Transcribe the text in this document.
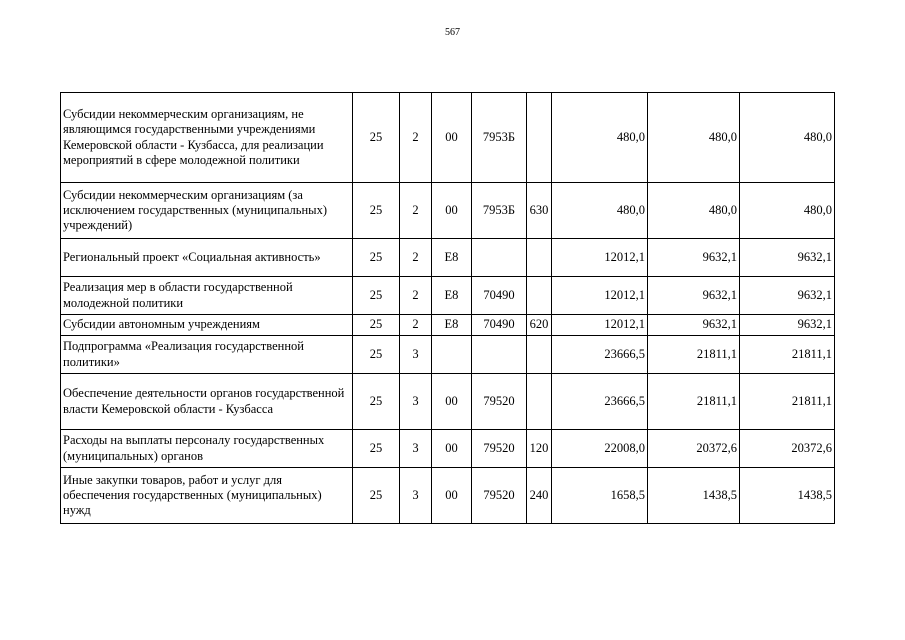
567
Субсидии некоммерческим организациям, не являющимся государственными учреждениями Кемеровской области - Кузбасса, для реализации мероприятий в сфере молодежной политики	25	2	00	7953Б		480,0	480,0	480,0
Субсидии некоммерческим организациям (за исключением государственных (муниципальных) учреждений)	25	2	00	7953Б	630	480,0	480,0	480,0
Региональный проект «Социальная активность»	25	2	E8			12012,1	9632,1	9632,1
Реализация мер в области государственной молодежной политики	25	2	E8	70490		12012,1	9632,1	9632,1
Субсидии автономным учреждениям	25	2	E8	70490	620	12012,1	9632,1	9632,1
Подпрограмма «Реализация государственной политики»	25	3				23666,5	21811,1	21811,1
Обеспечение деятельности органов государственной власти Кемеровской области - Кузбасса	25	3	00	79520		23666,5	21811,1	21811,1
Расходы на выплаты персоналу государственных (муниципальных) органов	25	3	00	79520	120	22008,0	20372,6	20372,6
Иные закупки товаров, работ и услуг для обеспечения государственных (муниципальных) нужд	25	3	00	79520	240	1658,5	1438,5	1438,5
